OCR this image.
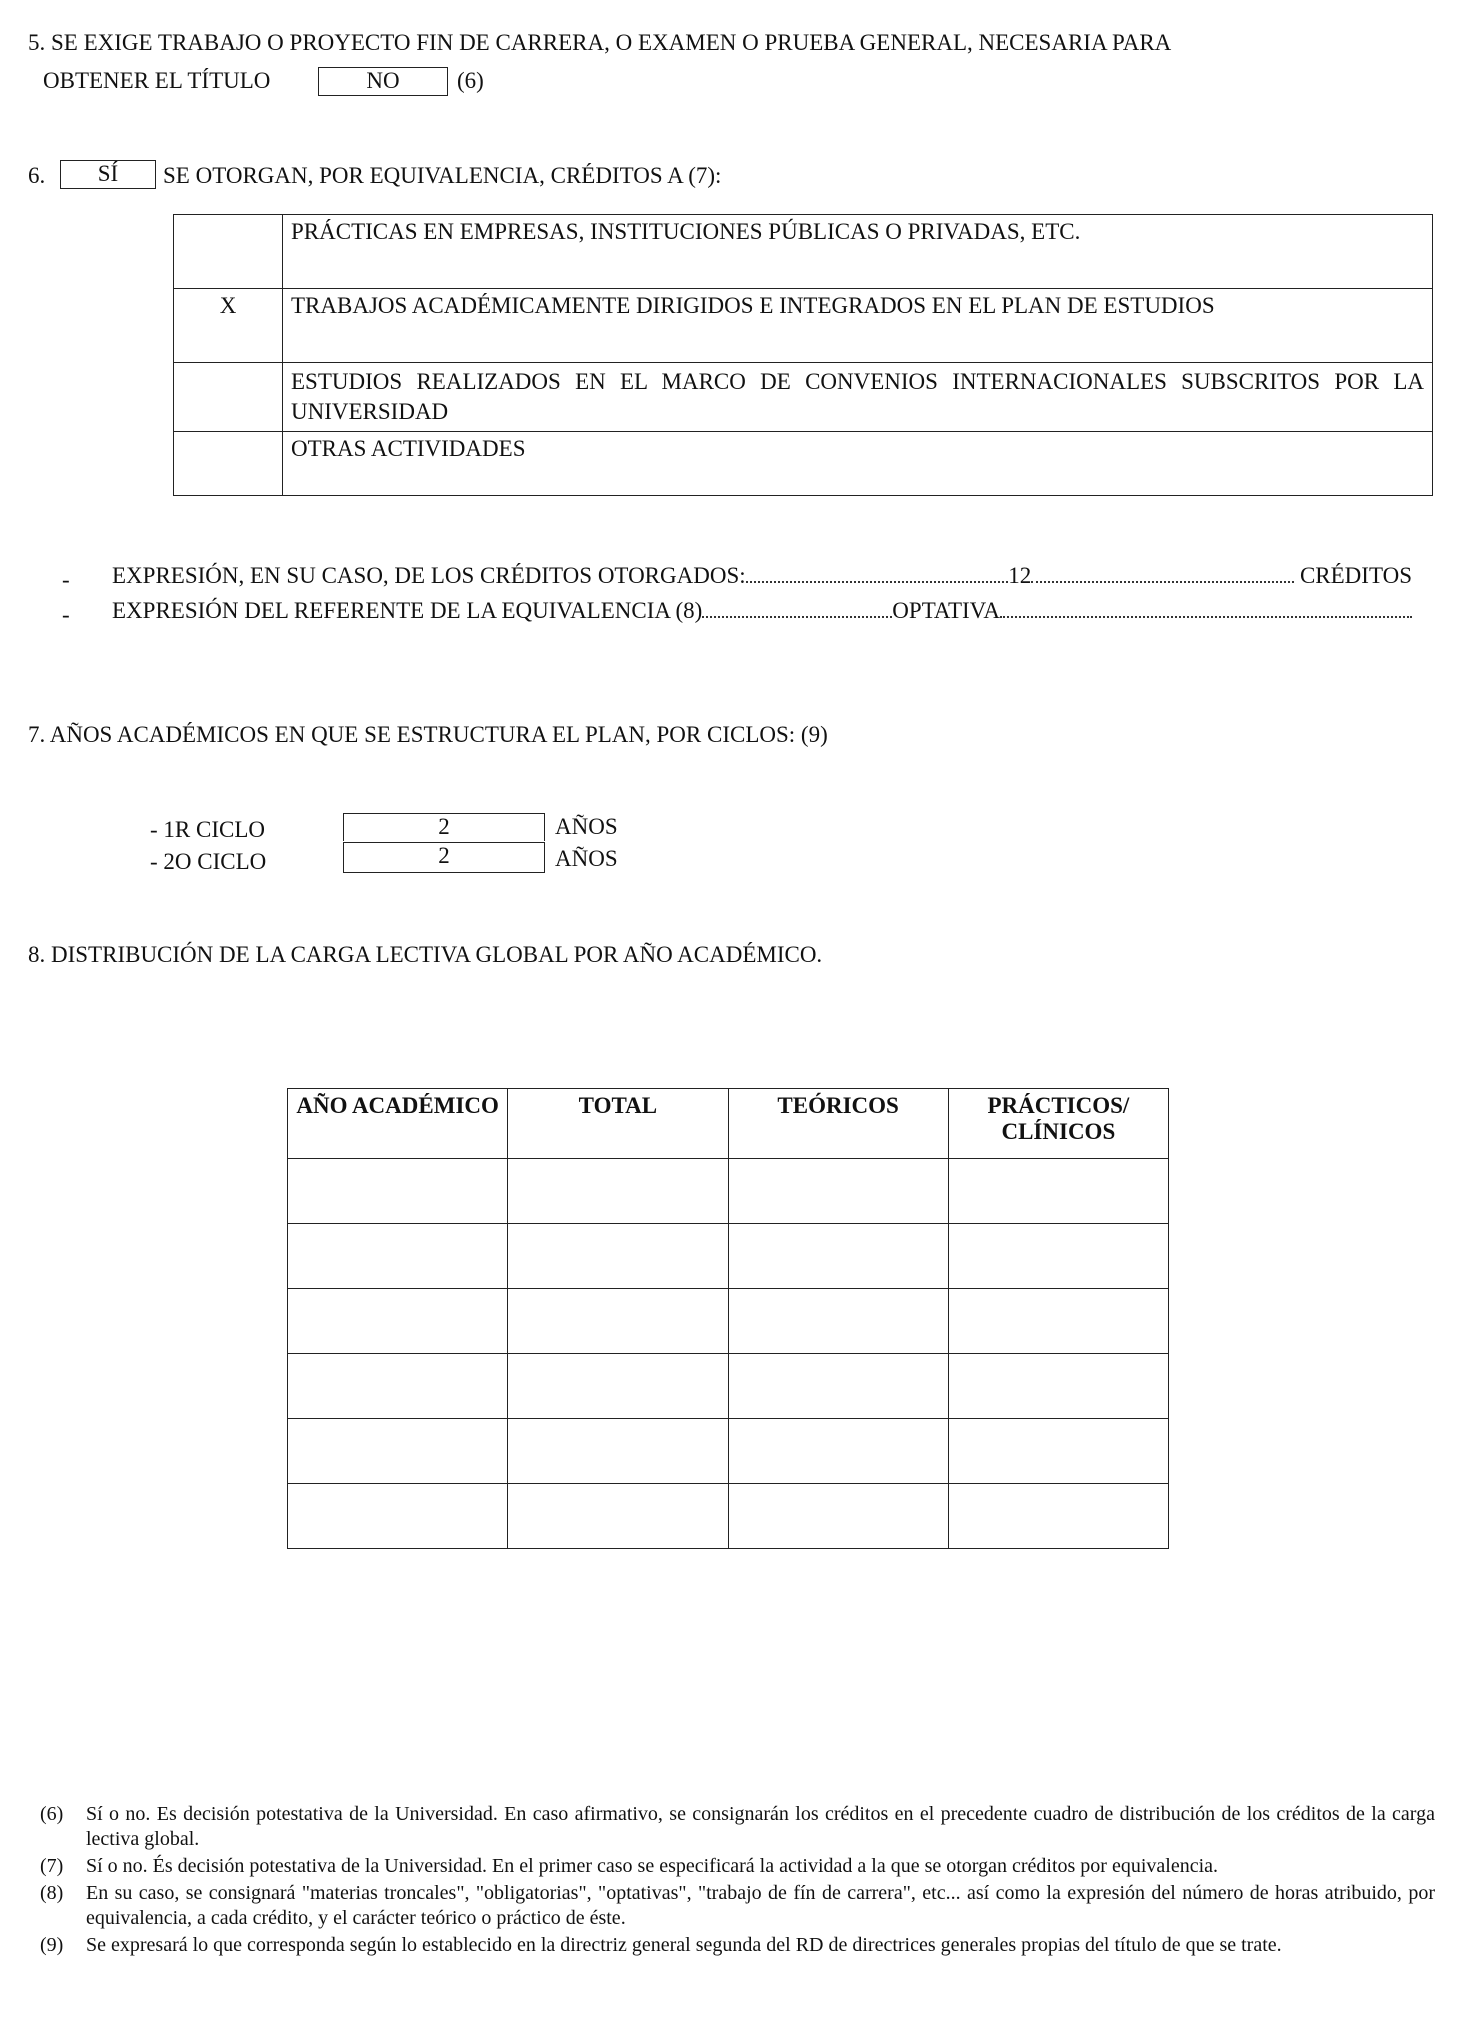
5. SE EXIGE TRABAJO O PROYECTO FIN DE CARRERA, O EXAMEN O PRUEBA GENERAL, NECESARIA PARA
OBTENER EL TÍTULO	NO	(6)
6.	SÍ	SE OTORGAN, POR EQUIVALENCIA, CRÉDITOS A (7):
	PRÁCTICAS EN EMPRESAS, INSTITUCIONES PÚBLICAS O PRIVADAS, ETC.
X	TRABAJOS ACADÉMICAMENTE DIRIGIDOS E INTEGRADOS EN EL PLAN DE ESTUDIOS
	ESTUDIOS REALIZADOS EN EL MARCO DE CONVENIOS INTERNACIONALES SUBSCRITOS POR LA UNIVERSIDAD
	OTRAS ACTIVIDADES
- EXPRESIÓN, EN SU CASO, DE LOS CRÉDITOS OTORGADOS:	12	CRÉDITOS
- EXPRESIÓN DEL REFERENTE DE LA EQUIVALENCIA (8)	OPTATIVA
7. AÑOS ACADÉMICOS EN QUE SE ESTRUCTURA EL PLAN, POR CICLOS: (9)
- 1R CICLO	2	AÑOS
- 2O CICLO	2	AÑOS
8. DISTRIBUCIÓN DE LA CARGA LECTIVA GLOBAL POR AÑO ACADÉMICO.
AÑO ACADÉMICO	TOTAL	TEÓRICOS	PRÁCTICOS/ CLÍNICOS

(6)	Sí o no. Es decisión potestativa de la Universidad. En caso afirmativo, se consignarán los créditos en el precedente cuadro de distribución de los créditos de la carga lectiva global.
(7)	Sí o no. És decisión potestativa de la Universidad. En el primer caso se especificará la actividad a la que se otorgan créditos por equivalencia.
(8)	En su caso, se consignará "materias troncales", "obligatorias", "optativas", "trabajo de fín de carrera", etc... así como la expresión del número de horas atribuido, por equivalencia, a cada crédito, y el carácter teórico o práctico de éste.
(9)	Se expresará lo que corresponda según lo establecido en la directriz general segunda del RD de directrices generales propias del título de que se trate.
